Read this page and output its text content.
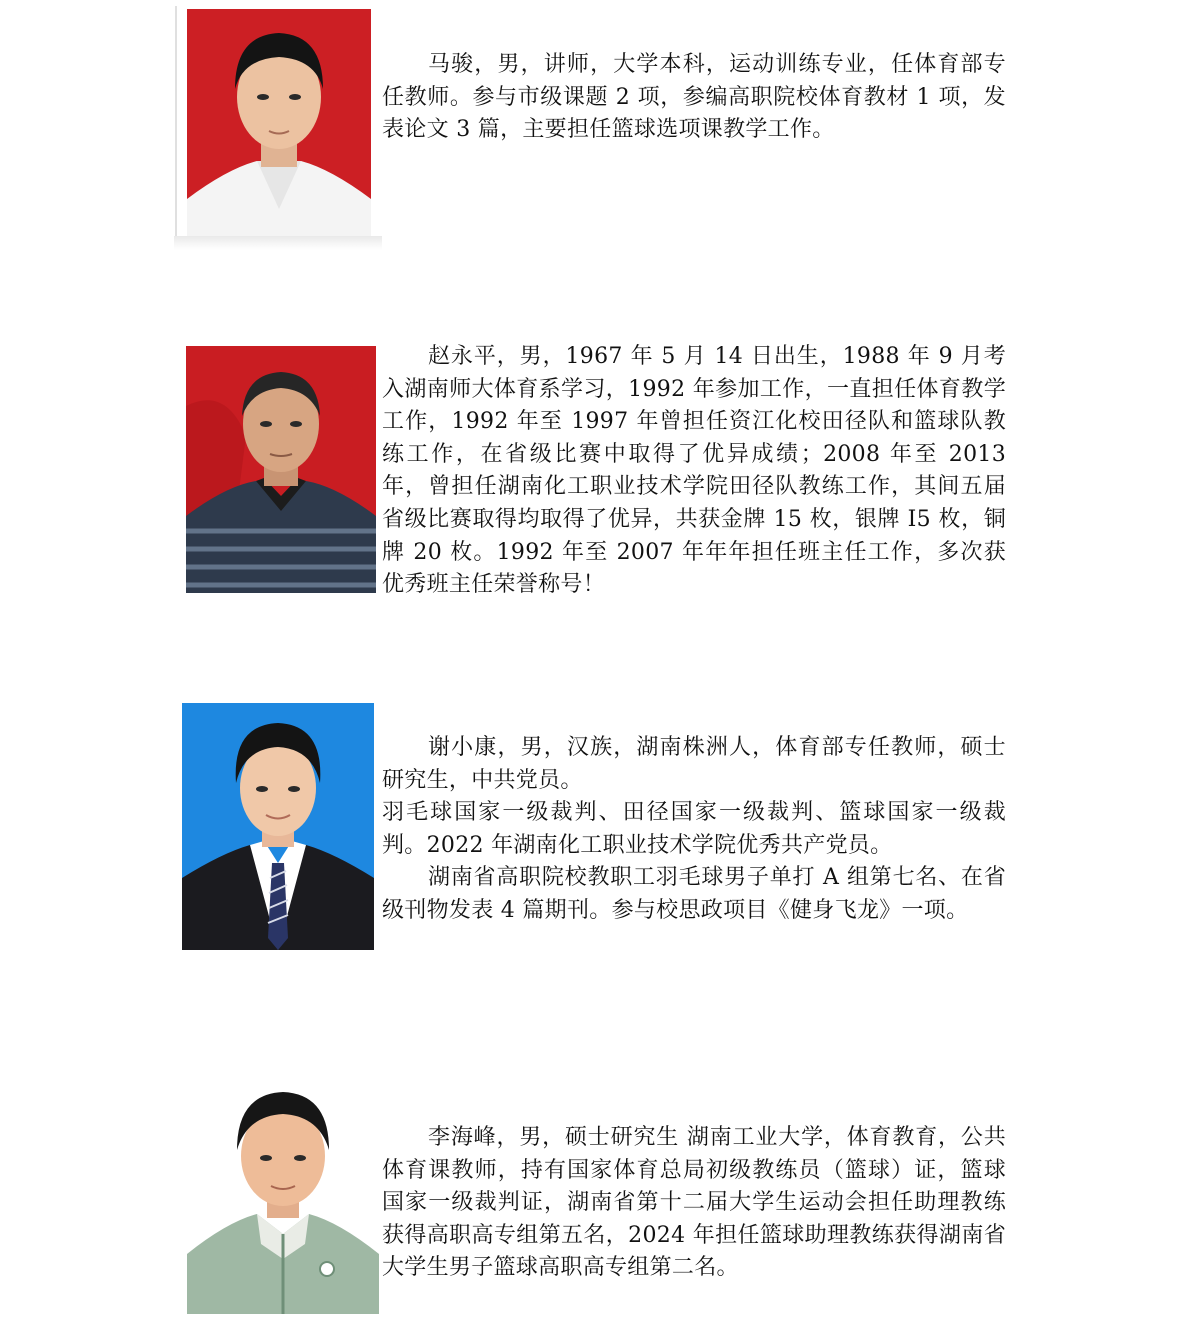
马骏，男，讲师，大学本科，运动训练专业，任体育部专任教师。参与市级课题 2 项，参编高职院校体育教材 1 项，发表论文 3 篇，主要担任篮球选项课教学工作。

赵永平，男，1967 年 5 月 14 日出生，1988 年 9 月考入湖南师大体育系学习，1992 年参加工作，一直担任体育教学工作，1992 年至 1997 年曾担任资江化校田径队和篮球队教练工作，在省级比赛中取得了优异成绩；2008 年至 2013 年，曾担任湖南化工职业技术学院田径队教练工作，其间五届省级比赛取得均取得了优异，共获金牌 15 枚，银牌 I5 枚，铜牌 20 枚。1992 年至 2007 年年年担任班主任工作，多次获优秀班主任荣誉称号！

谢小康，男，汉族，湖南株洲人，体育部专任教师，硕士研究生，中共党员。

羽毛球国家一级裁判、田径国家一级裁判、篮球国家一级裁判。2022 年湖南化工职业技术学院优秀共产党员。

湖南省高职院校教职工羽毛球男子单打 A 组第七名、在省级刊物发表 4 篇期刊。参与校思政项目《健身飞龙》一项。

李海峰，男，硕士研究生 湖南工业大学，体育教育，公共体育课教师，持有国家体育总局初级教练员（篮球）证，篮球国家一级裁判证，湖南省第十二届大学生运动会担任助理教练获得高职高专组第五名，2024 年担任篮球助理教练获得湖南省大学生男子篮球高职高专组第二名。
